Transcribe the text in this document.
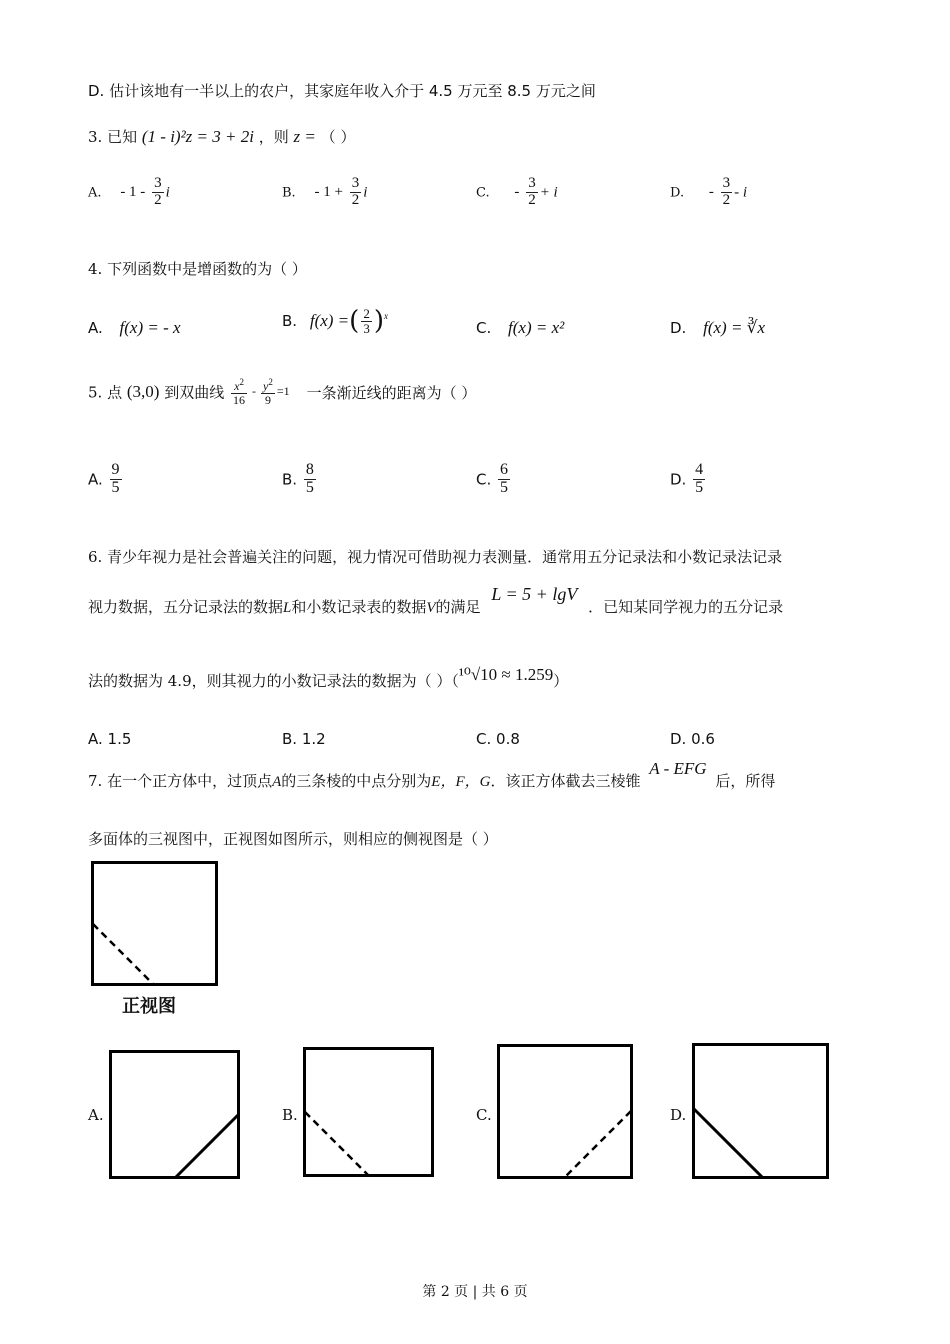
D. 估计该地有一半以上的农户，其家庭年收入介于 4.5 万元至 8.5 万元之间
3. 已知 (1 - i)²z = 3 + 2i ，则 z = （ ）
A. - $1 - \frac{3}{2}$ i	B. - $1 + \frac{3}{2}$ i	C. - $\frac{3}{2} + i$	D. - $\frac{3}{2}$ - i
4. 下列函数中是增函数的为（ ）
A. f(x) = - x	B. f(x) =( $\frac{2}{3} )^x$
C. f(x) = x²	D. f(x) = ∛x
5. 点 (3,0) 到双曲线 $\frac{x^2}{16} - \frac{y^2}{9} =1$ 一条渐近线的距离为（ ）
A. $\frac{9}{5}$	B. $\frac{8}{5}$	C. $\frac{6}{5}$	D. $\frac{4}{5}$
6. 青少年视力是社会普遍关注的问题，视力情况可借助视力表测量．通常用五分记录法和小数记录法记录
视力数据，五分记录法的数据L和小数记录表的数据V的满足 L = 5 + lgV ．已知某同学视力的五分记录
法的数据为 4.9，则其视力的小数记录法的数据为（ ）（¹⁰√10 ≈ 1.259）
A. 1.5	B. 1.2	C. 0.8	D. 0.6
7. 在一个正方体中，过顶点A的三条棱的中点分别为E，F，G．该正方体截去三棱锥 A - EFG 后，所得
多面体的三视图中，正视图如图所示，则相应的侧视图是（ ）
正视图
A.	B.	C.	D.
第 2 页 | 共 6 页
